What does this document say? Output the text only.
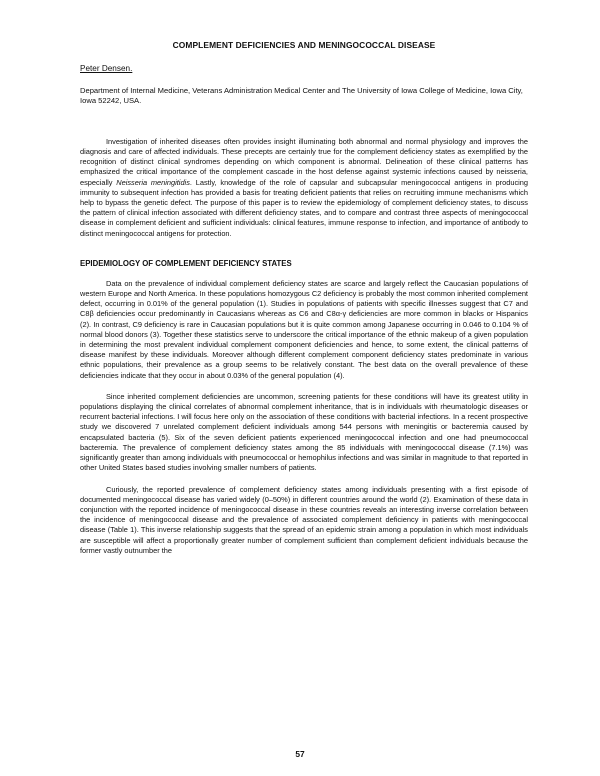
COMPLEMENT DEFICIENCIES AND MENINGOCOCCAL DISEASE
Peter Densen.
Department of Internal Medicine, Veterans Administration Medical Center and The University of Iowa College of Medicine, Iowa City, Iowa 52242, USA.

Investigation of inherited diseases often provides insight illuminating both abnormal and normal physiology and improves the diagnosis and care of affected individuals. These precepts are certainly true for the complement deficiency states as exemplified by the recognition of distinct clinical syndromes depending on which component is abnormal. Delineation of these clinical patterns has emphasized the critical importance of the complement cascade in the host defense against systemic infections caused by neisseria, especially Neisseria meningitidis. Lastly, knowledge of the role of capsular and subcapsular meningococcal antigens in producing immunity to subsequent infection has provided a basis for treating deficient patients that relies on recruiting immune mechanisms which help to bypass the genetic defect. The purpose of this paper is to review the epidemiology of complement deficiency states, to discuss the pattern of clinical infection associated with different deficiency states, and to compare and contrast three aspects of meningococcal disease in complement deficient and sufficient individuals: clinical features, immune response to infection, and importance of antibody to distinct meningococcal antigens for protection.

EPIDEMIOLOGY OF COMPLEMENT DEFICIENCY STATES

Data on the prevalence of individual complement deficiency states are scarce and largely reflect the Caucasian populations of western Europe and North America. In these populations homozygous C2 deficiency is probably the most common inherited complement defect, occurring in 0.01% of the general population (1). Studies in populations of patients with specific illnesses suggest that C7 and C8β deficiencies occur predominantly in Caucasians whereas as C6 and C8α-γ deficiencies are more common in blacks or Hispanics (2). In contrast, C9 deficiency is rare in Caucasian populations but it is quite common among Japanese occurring in 0.046 to 0.104 % of normal blood donors (3). Together these statistics serve to underscore the critical importance of the ethnic makeup of a given population in determining the most prevalent individual complement component deficiencies and hence, to some extent, the clinical patterns of disease manifest by these individuals. Moreover although different complement component deficiency states predominate in various ethnic populations, their prevalence as a group seems to be relatively constant. The best data on the overall prevalence of these deficiencies indicate that they occur in about 0.03% of the general population (4).

Since inherited complement deficiencies are uncommon, screening patients for these conditions will have its greatest utility in populations displaying the clinical correlates of abnormal complement inheritance, that is in individuals with rheumatologic diseases or recurrent bacterial infections. I will focus here only on the association of these conditions with bacterial infections. In a recent prospective study we discovered 7 unrelated complement deficient individuals among 544 persons with meningitis or bacteremia caused by encapsulated bacteria (5). Six of the seven deficient patients experienced meningococcal infection and one had pneumococcal bacteremia. The prevalence of complement deficiency states among the 85 individuals with meningococcal disease (7.1%) was significantly greater than among individuals with pneumococcal or hemophilus infections and was similar in magnitude to that reported in other United States based studies involving smaller numbers of patients.

Curiously, the reported prevalence of complement deficiency states among individuals presenting with a first episode of documented meningococcal disease has varied widely (0–50%) in different countries around the world (2). Examination of these data in conjunction with the reported incidence of meningococcal disease in these countries reveals an interesting inverse correlation between the incidence of meningococcal disease and the prevalence of associated complement deficiency in patients with meningococcal disease (Table 1). This inverse relationship suggests that the spread of an epidemic strain among a population in which most individuals are susceptible will affect a proportionally greater number of complement sufficient than complement deficient individuals because the former vastly outnumber the

57
